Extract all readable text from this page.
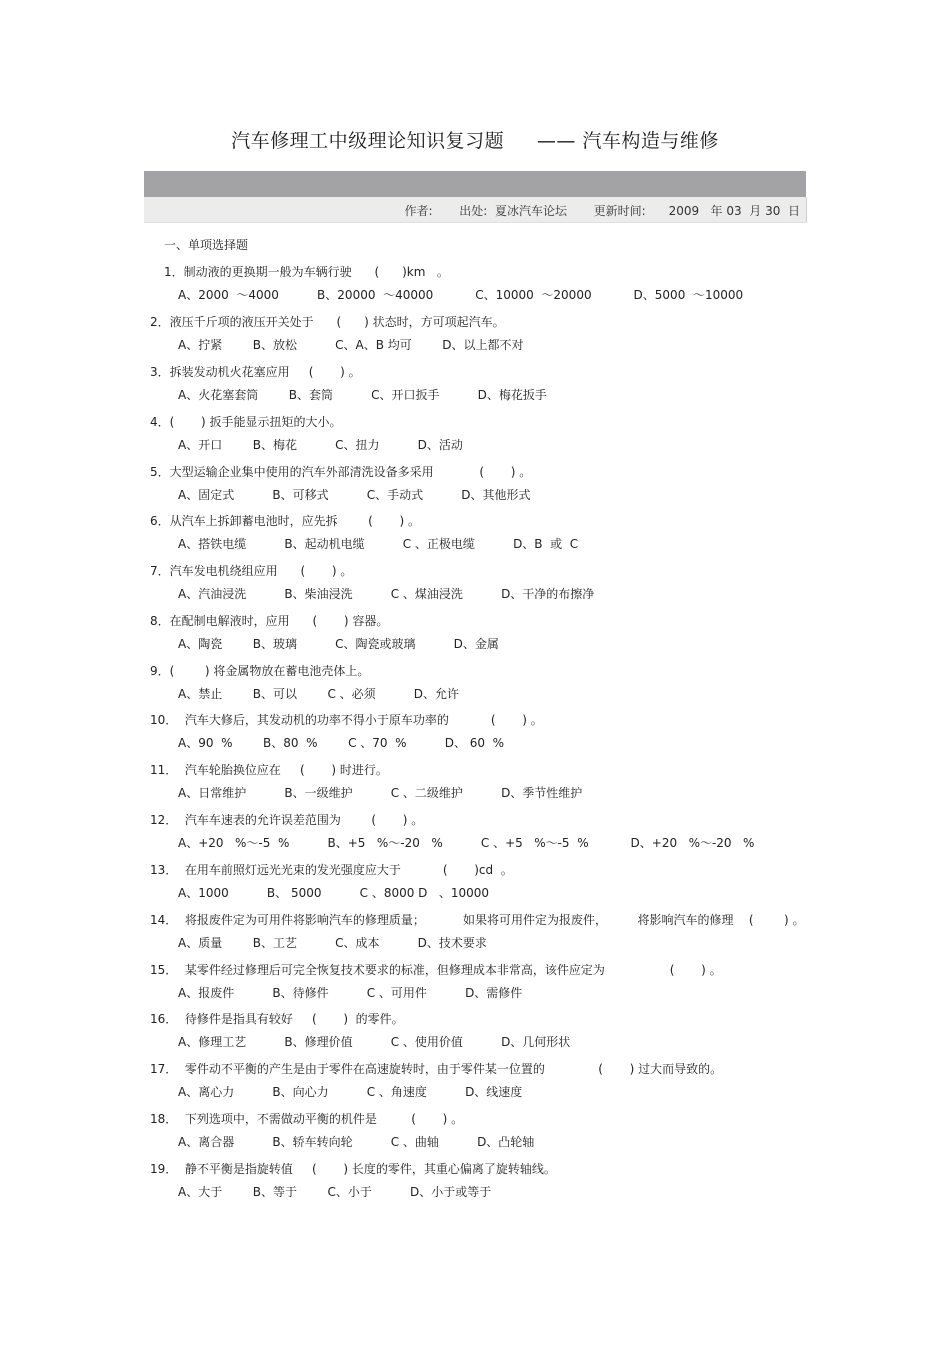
汽车修理工中级理论知识复习题     —— 汽车构造与维修
作者:       出处:  夏冰汽车论坛       更新时间:      2009   年 03  月 30  日
一、单项选择题
1．制动液的更换期一般为车辆行驶      (      )km   。
A、2000  ～4000          B、20000  ～40000           C、10000  ～20000           D、5000  ～10000
2．液压千斤项的液压开关处于      (      ) 状态时，方可项起汽车。
A、拧紧        B、放松          C、A、B 均可        D、以上都不对
3．拆装发动机火花塞应用     (       ) 。
A、火花塞套筒        B、套筒          C、开口扳手          D、梅花扳手
4．(       ) 扳手能显示扭矩的大小。
A、开口        B、梅花          C、扭力          D、活动
5．大型运输企业集中使用的汽车外部清洗设备多采用            (       ) 。
A、固定式          B、可移式          C、手动式          D、其他形式
6．从汽车上拆卸蓄电池时，应先拆        (       ) 。
A、搭铁电缆          B、起动机电缆          C 、正极电缆          D、B  或  C
7．汽车发电机绕组应用      (       ) 。
A、汽油浸洗          B、柴油浸洗          C 、煤油浸洗          D、干净的布擦净
8．在配制电解液时，应用      (       ) 容器。
A、陶瓷        B、玻璃          C、陶瓷或玻璃          D、金属
9．(        ) 将金属物放在蓄电池壳体上。
A、禁止        B、可以        C 、必须          D、允许
10．  汽车大修后，其发动机的功率不得小于原车功率的           (       ) 。
A、90  %        B、80  %        C 、70  %          D、 60  %
11．  汽车轮胎换位应在     (       ) 时进行。
A、日常维护          B、一级维护          C 、二级维护          D、季节性维护
12．  汽车车速表的允许误差范围为        (       ) 。
A、+20   %～-5  %          B、+5   %～-20   %          C 、+5   %～-5  %           D、+20   %～-20   %
13．  在用车前照灯远光光束的发光强度应大于           (       )cd  。
A、1000          B、 5000          C 、8000 D   、10000
14．  将报废件定为可用件将影响汽车的修理质量；          如果将可用件定为报废件，        将影响汽车的修理    (        ) 。
A、质量        B、工艺          C、成本          D、技术要求
15．  某零件经过修理后可完全恢复技术要求的标准，但修理成本非常高，该件应定为                 (       ) 。
A、报废件          B、待修件          C 、可用件          D、需修件
16．  待修件是指具有较好     (       )  的零件。
A、修理工艺          B、修理价值          C 、使用价值          D、几何形状
17．  零件动不平衡的产生是由于零件在高速旋转时，由于零件某一位置的              (       ) 过大而导致的。
A、离心力          B、向心力          C 、角速度          D、线速度
18．  下列选项中，不需做动平衡的机件是         (       ) 。
A、离合器          B、轿车转向轮          C 、曲轴          D、凸轮轴
19．  静不平衡是指旋转值     (       ) 长度的零件，其重心偏离了旋转轴线。
A、大于        B、等于        C、小于          D、小于或等于
